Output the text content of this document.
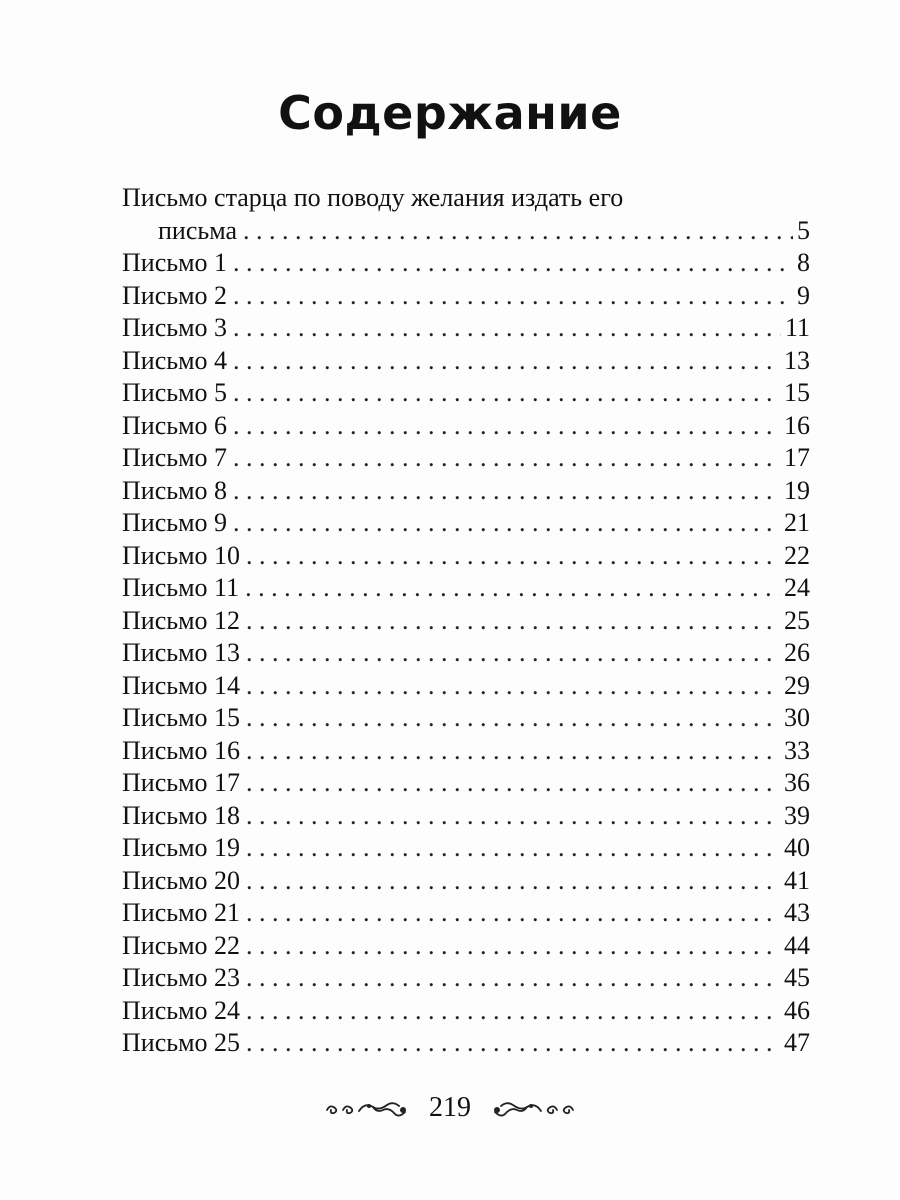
Содержание
Письмо старца по поводу желания издать его
письма . . .	5
Письмо 1 . . .	8
Письмо 2 . . .	9
Письмо 3 . . .	11
Письмо 4 . . .	13
Письмо 5 . . .	15
Письмо 6 . . .	16
Письмо 7 . . .	17
Письмо 8 . . .	19
Письмо 9 . . .	21
Письмо 10 . . .	22
Письмо 11 . . .	24
Письмо 12 . . .	25
Письмо 13 . . .	26
Письмо 14 . . .	29
Письмо 15 . . .	30
Письмо 16 . . .	33
Письмо 17 . . .	36
Письмо 18 . . .	39
Письмо 19 . . .	40
Письмо 20 . . .	41
Письмо 21 . . .	43
Письмо 22 . . .	44
Письмо 23 . . .	45
Письмо 24 . . .	46
Письмо 25 . . .	47
219
